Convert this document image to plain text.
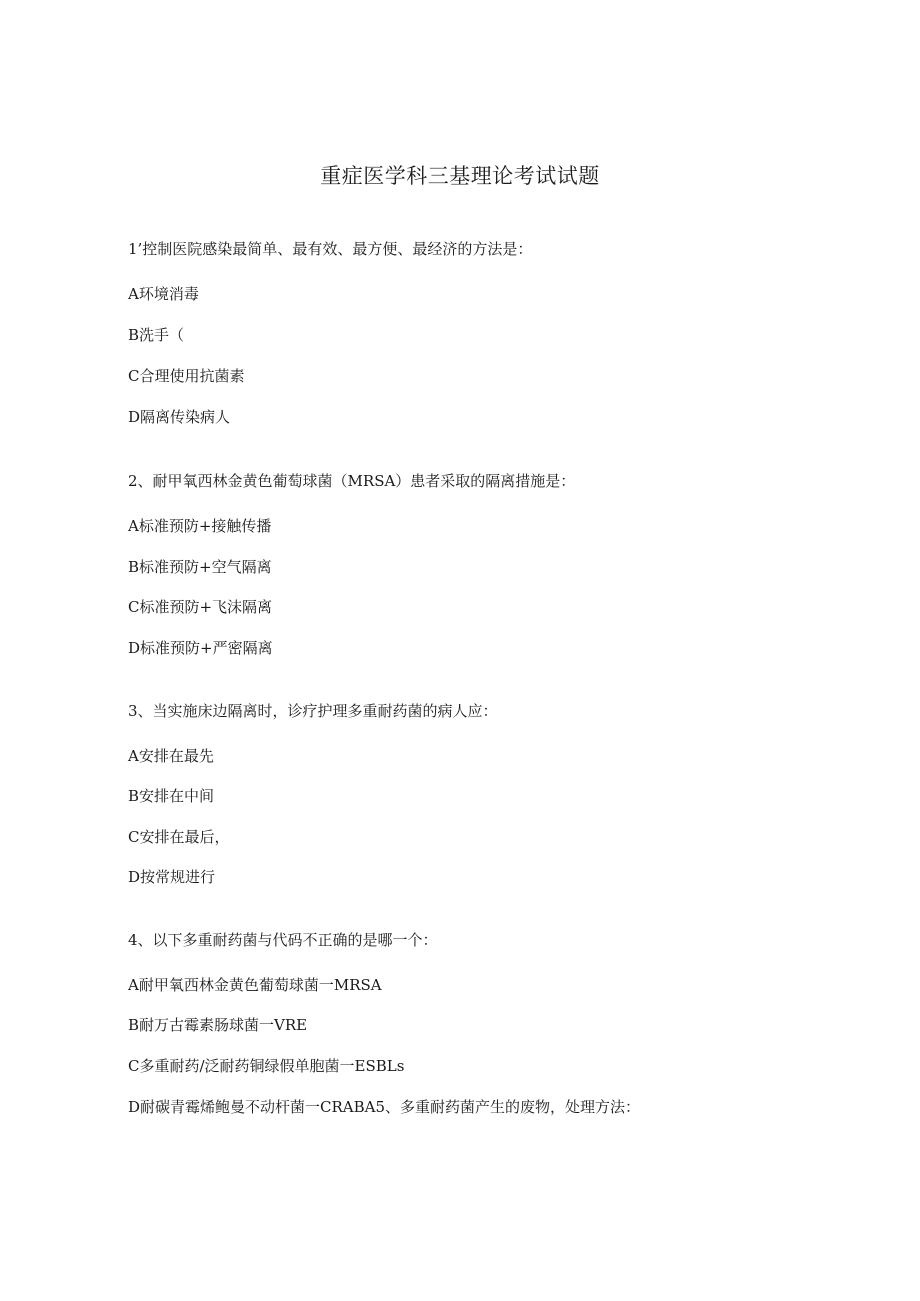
重症医学科三基理论考试试题
1’控制医院感染最简单、最有效、最方便、最经济的方法是：
A环境消毒
B洗手（
C合理使用抗菌素
D隔离传染病人
2、耐甲氧西林金黄色葡萄球菌（MRSA）患者采取的隔离措施是：
A标准预防+接触传播
B标准预防+空气隔离
C标准预防+飞沫隔离
D标准预防+严密隔离
3、当实施床边隔离时，诊疗护理多重耐药菌的病人应：
A安排在最先
B安排在中间
C安排在最后，
D按常规进行
4、以下多重耐药菌与代码不正确的是哪一个：
A耐甲氧西林金黄色葡萄球菌一MRSA
B耐万古霉素肠球菌一VRE
C多重耐药/泛耐药铜绿假单胞菌一ESBLs
D耐碳青霉烯鲍曼不动杆菌一CRABA5、多重耐药菌产生的废物，处理方法：
